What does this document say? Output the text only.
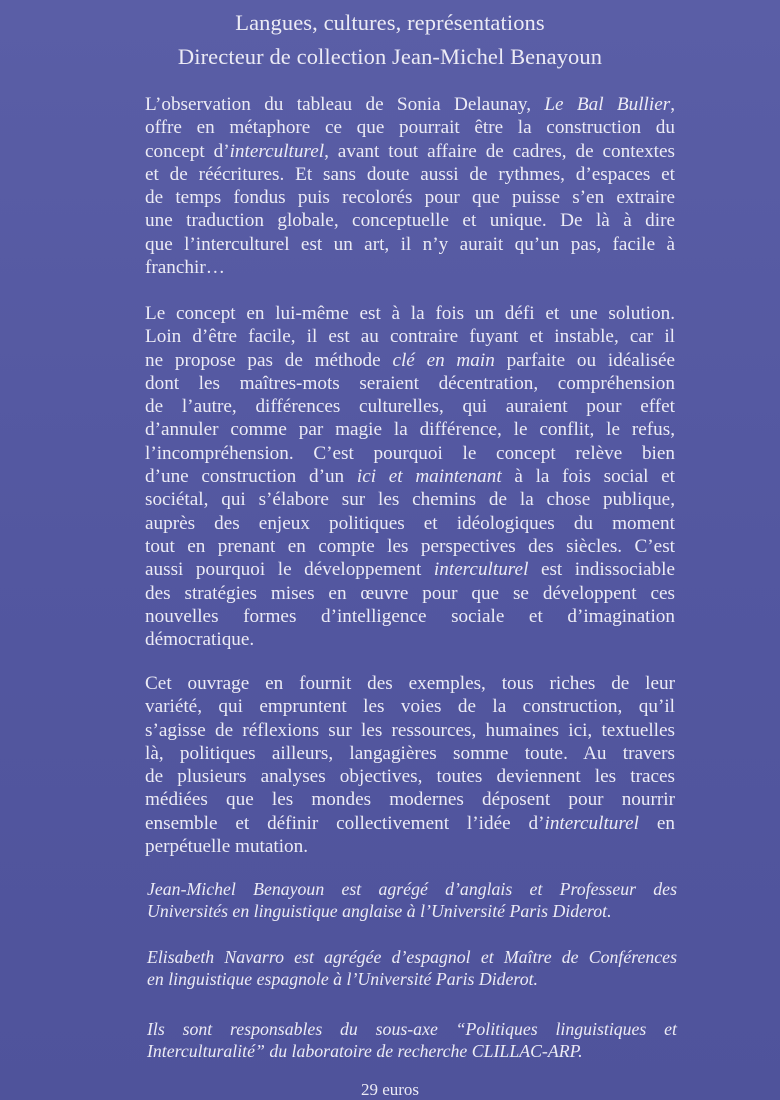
Langues, cultures, représentations
Directeur de collection Jean-Michel Benayoun
L’observation du tableau de Sonia Delaunay, Le Bal Bullier,
offre en métaphore ce que pourrait être la construction du
concept d’interculturel, avant tout affaire de cadres, de contextes
et de réécritures. Et sans doute aussi de rythmes, d’espaces et
de temps fondus puis recolorés pour que puisse s’en extraire
une traduction globale, conceptuelle et unique. De là à dire
que l’interculturel est un art, il n’y aurait qu’un pas, facile à
franchir…
Le concept en lui-même est à la fois un défi et une solution.
Loin d’être facile, il est au contraire fuyant et instable, car il
ne propose pas de méthode clé en main parfaite ou idéalisée
dont les maîtres-mots seraient décentration, compréhension
de l’autre, différences culturelles, qui auraient pour effet
d’annuler comme par magie la différence, le conflit, le refus,
l’incompréhension. C’est pourquoi le concept relève bien
d’une construction d’un ici et maintenant à la fois social et
sociétal, qui s’élabore sur les chemins de la chose publique,
auprès des enjeux politiques et idéologiques du moment
tout en prenant en compte les perspectives des siècles. C’est
aussi pourquoi le développement interculturel est indissociable
des stratégies mises en œuvre pour que se développent ces
nouvelles formes d’intelligence sociale et d’imagination
démocratique.
Cet ouvrage en fournit des exemples, tous riches de leur
variété, qui empruntent les voies de la construction, qu’il
s’agisse de réflexions sur les ressources, humaines ici, textuelles
là, politiques ailleurs, langagières somme toute. Au travers
de plusieurs analyses objectives, toutes deviennent les traces
médiées que les mondes modernes déposent pour nourrir
ensemble et définir collectivement l’idée d’interculturel en
perpétuelle mutation.
Jean-Michel Benayoun est agrégé d’anglais et Professeur des
Universités en linguistique anglaise à l’Université Paris Diderot.
Elisabeth Navarro est agrégée d’espagnol et Maître de Conférences
en linguistique espagnole à l’Université Paris Diderot.
Ils sont responsables du sous-axe “Politiques linguistiques et
Interculturalité” du laboratoire de recherche CLILLAC-ARP.
29 euros
